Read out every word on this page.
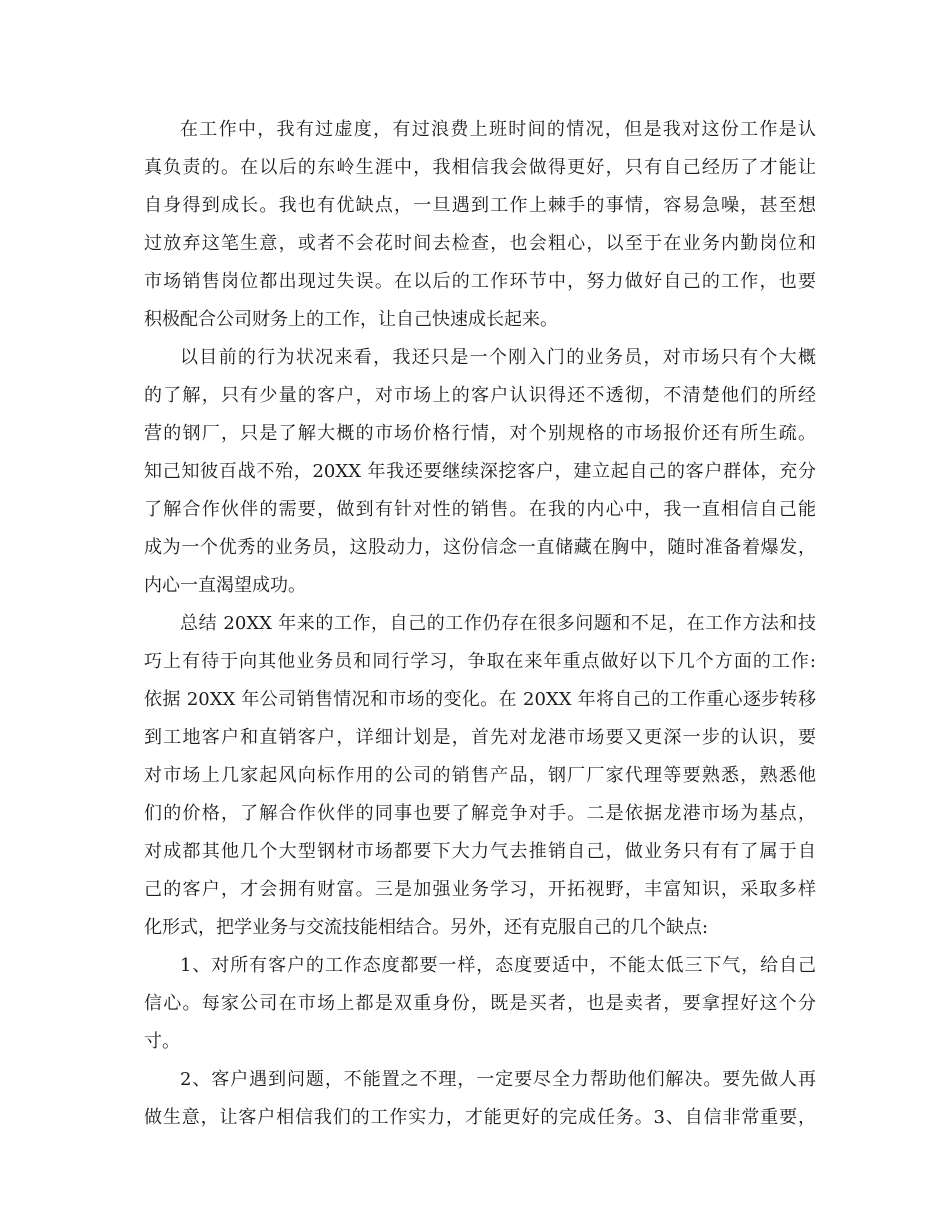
在工作中，我有过虚度，有过浪费上班时间的情况，但是我对这份工作是认
真负责的。在以后的东岭生涯中，我相信我会做得更好，只有自己经历了才能让
自身得到成长。我也有优缺点，一旦遇到工作上棘手的事情，容易急噪，甚至想
过放弃这笔生意，或者不会花时间去检查，也会粗心，以至于在业务内勤岗位和
市场销售岗位都出现过失误。在以后的工作环节中，努力做好自己的工作，也要
积极配合公司财务上的工作，让自己快速成长起来。
以目前的行为状况来看，我还只是一个刚入门的业务员，对市场只有个大概
的了解，只有少量的客户，对市场上的客户认识得还不透彻，不清楚他们的所经
营的钢厂，只是了解大概的市场价格行情，对个别规格的市场报价还有所生疏。
知己知彼百战不殆，20XX 年我还要继续深挖客户，建立起自己的客户群体，充分
了解合作伙伴的需要，做到有针对性的销售。在我的内心中，我一直相信自己能
成为一个优秀的业务员，这股动力，这份信念一直储藏在胸中，随时准备着爆发，
内心一直渴望成功。
总结 20XX 年来的工作，自己的工作仍存在很多问题和不足，在工作方法和技
巧上有待于向其他业务员和同行学习，争取在来年重点做好以下几个方面的工作:
依据 20XX 年公司销售情况和市场的变化。在 20XX 年将自己的工作重心逐步转移
到工地客户和直销客户，详细计划是，首先对龙港市场要又更深一步的认识，要
对市场上几家起风向标作用的公司的销售产品，钢厂厂家代理等要熟悉，熟悉他
们的价格，了解合作伙伴的同事也要了解竞争对手。二是依据龙港市场为基点，
对成都其他几个大型钢材市场都要下大力气去推销自己，做业务只有有了属于自
己的客户，才会拥有财富。三是加强业务学习，开拓视野，丰富知识，采取多样
化形式，把学业务与交流技能相结合。另外，还有克服自己的几个缺点:
1、对所有客户的工作态度都要一样，态度要适中，不能太低三下气，给自己
信心。每家公司在市场上都是双重身份，既是买者，也是卖者，要拿捏好这个分
寸。
2、客户遇到问题，不能置之不理，一定要尽全力帮助他们解决。要先做人再
做生意，让客户相信我们的工作实力，才能更好的完成任务。3、自信非常重要，
